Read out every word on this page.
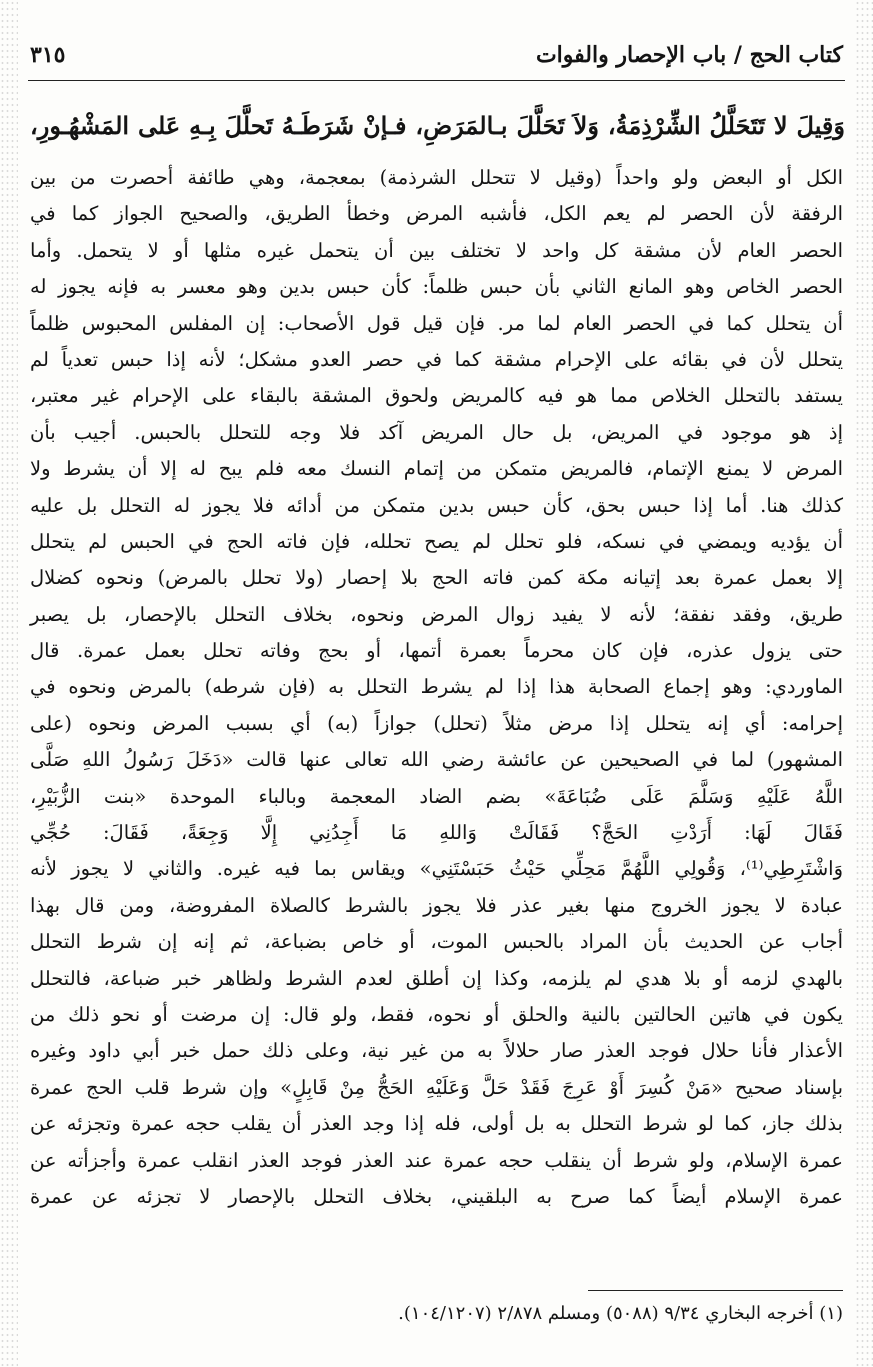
كتاب الحج / باب الإحصار والفوات
٣١٥
وَقِيلَ لا تَتَحَلَّلُ الشِّرْذِمَةُ، وَلاَ تَحَلَّلَ بـالمَرَضِ، فـإنْ شَرَطَـهُ تَحلَّلَ بِـهِ عَلى المَشْهُـورِ،
الكل أو البعض ولو واحداً (وقيل لا تتحلل الشرذمة) بمعجمة، وهي طائفة أحصرت من بين
الرفقة لأن الحصر لم يعم الكل، فأشبه المرض وخطأ الطريق، والصحيح الجواز كما في
الحصر العام لأن مشقة كل واحد لا تختلف بين أن يتحمل غيره مثلها أو لا يتحمل. وأما
الحصر الخاص وهو المانع الثاني بأن حبس ظلماً: كأن حبس بدين وهو معسر به فإنه يجوز له
أن يتحلل كما في الحصر العام لما مر. فإن قيل قول الأصحاب: إن المفلس المحبوس ظلماً
يتحلل لأن في بقائه على الإحرام مشقة كما في حصر العدو مشكل؛ لأنه إذا حبس تعدياً لم
يستفد بالتحلل الخلاص مما هو فيه كالمريض ولحوق المشقة بالبقاء على الإحرام غير معتبر،
إذ هو موجود في المريض، بل حال المريض آكد فلا وجه للتحلل بالحبس. أجيب بأن
المرض لا يمنع الإتمام، فالمريض متمكن من إتمام النسك معه فلم يبح له إلا أن يشرط ولا
كذلك هنا. أما إذا حبس بحق، كأن حبس بدين متمكن من أدائه فلا يجوز له التحلل بل عليه
أن يؤديه ويمضي في نسكه، فلو تحلل لم يصح تحلله، فإن فاته الحج في الحبس لم يتحلل
إلا بعمل عمرة بعد إتيانه مكة كمن فاته الحج بلا إحصار (ولا تحلل بالمرض) ونحوه كضلال
طريق، وفقد نفقة؛ لأنه لا يفيد زوال المرض ونحوه، بخلاف التحلل بالإحصار، بل يصبر
حتى يزول عذره، فإن كان محرماً بعمرة أتمها، أو بحج وفاته تحلل بعمل عمرة. قال
الماوردي: وهو إجماع الصحابة هذا إذا لم يشرط التحلل به (فإن شرطه) بالمرض ونحوه في
إحرامه: أي إنه يتحلل إذا مرض مثلاً (تحلل) جوازاً (به) أي بسبب المرض ونحوه (على
المشهور) لما في الصحيحين عن عائشة رضي الله تعالى عنها قالت «دَخَلَ رَسُولُ اللهِ صَلَّى
اللَّهُ عَلَيْهِ وَسَلَّمَ عَلَى ضُبَاعَةَ» بضم الضاد المعجمة وبالباء الموحدة «بنت الزُّبَيْرِ،
فَقَالَ لَهَا: أَرَدْتِ الحَجَّ؟ فَقَالَتْ وَاللهِ مَا أَجِدُنِي إِلَّا وَجِعَةً، فَقَالَ: حُجِّي
وَاشْتَرِطِي⁽¹⁾، وَقُولِي اللَّهُمَّ مَحِلِّي حَيْثُ حَبَسْتَنِي» ويقاس بما فيه غيره. والثاني لا يجوز لأنه
عبادة لا يجوز الخروج منها بغير عذر فلا يجوز بالشرط كالصلاة المفروضة، ومن قال بهذا
أجاب عن الحديث بأن المراد بالحبس الموت، أو خاص بضباعة، ثم إنه إن شرط التحلل
بالهدي لزمه أو بلا هدي لم يلزمه، وكذا إن أطلق لعدم الشرط ولظاهر خبر ضباعة، فالتحلل
يكون في هاتين الحالتين بالنية والحلق أو نحوه، فقط، ولو قال: إن مرضت أو نحو ذلك من
الأعذار فأنا حلال فوجد العذر صار حلالاً به من غير نية، وعلى ذلك حمل خبر أبي داود وغيره
بإسناد صحيح «مَنْ كُسِرَ أَوْ عَرِجَ فَقَدْ حَلَّ وَعَلَيْهِ الحَجُّ مِنْ قَابِلٍ» وإن شرط قلب الحج عمرة
بذلك جاز، كما لو شرط التحلل به بل أولى، فله إذا وجد العذر أن يقلب حجه عمرة وتجزئه عن
عمرة الإسلام، ولو شرط أن ينقلب حجه عمرة عند العذر فوجد العذر انقلب عمرة وأجزأته عن
عمرة الإسلام أيضاً كما صرح به البلقيني، بخلاف التحلل بالإحصار لا تجزئه عن عمرة
(١) أخرجه البخاري ٩/٣٤ (٥٠٨٨) ومسلم ٢/٨٧٨ (١٠٤/١٢٠٧).
